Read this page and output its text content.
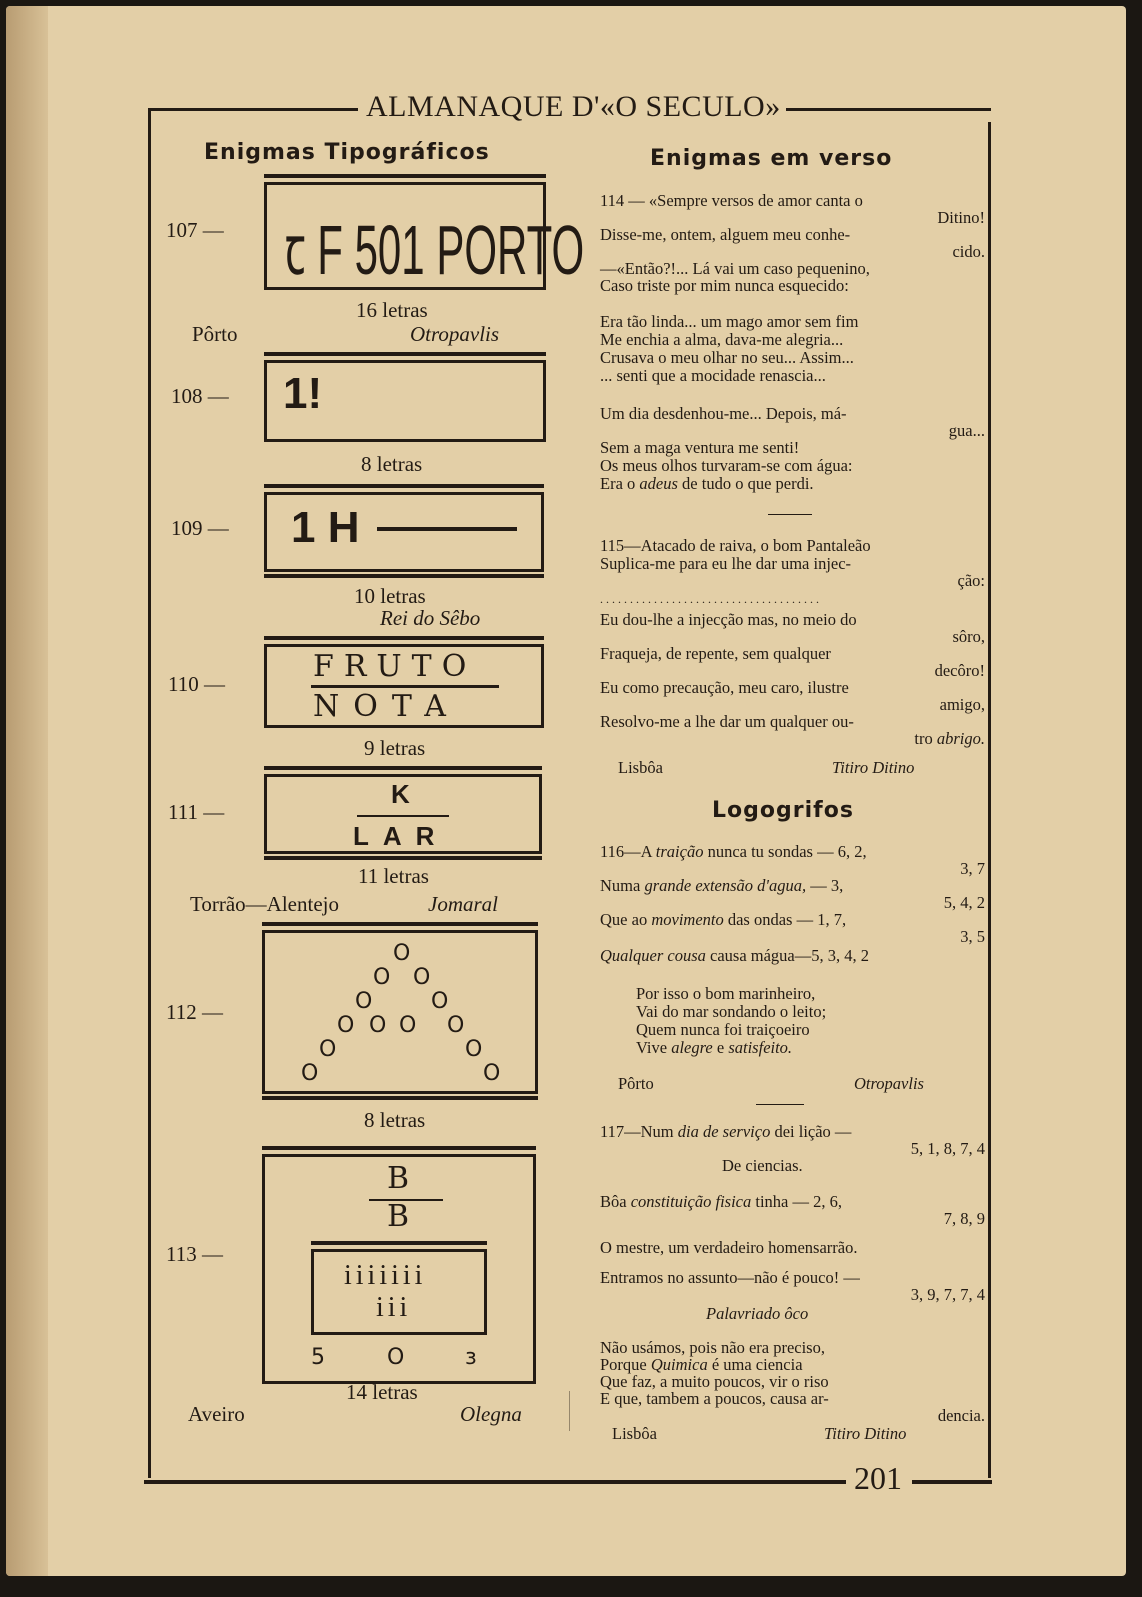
ALMANAQUE D'«O SECULO»
Enigmas Tipográficos
107 — ꞇ F 501 PORTO
16 letras
Pôrto	Otropavlis
108 — 1!
8 letras
109 — 1 H
10 letras
Rei do Sêbo
110 —	FRUTO
NOTA
9 letras
111 —
K
LAR
11 letras
Torrão—Alentejo	Jomaral
112 —
O
O O
O	O
O O O O
O	O
O	O
8 letras
113 —
B
B
iiiiiii
iii
5	O	ɜ
14 letras
Aveiro	Olegna
Enigmas em verso
114 — «Sempre versos de amor canta o
Ditino!
Disse-me, ontem, alguem meu conhe-
cido.
—«Então?!... Lá vai um caso pequenino,
Caso triste por mim nunca esquecido:
Era tão linda... um mago amor sem fim
Me enchia a alma, dava-me alegria...
Crusava o meu olhar no seu... Assim...
... senti que a mocidade renascia...
Um dia desdenhou-me... Depois, má-
gua...
Sem a maga ventura me senti!
Os meus olhos turvaram-se com água:
Era o adeus de tudo o que perdi.
115—Atacado de raiva, o bom Pantaleão
Suplica-me para eu lhe dar uma injec-
ção:
. . . . . . . . . . . . . . . . . . . . . . . . . . . . . . . . . . . . .
Eu dou-lhe a injecção mas, no meio do
sôro,
Fraqueja, de repente, sem qualquer
decôro!
Eu como precaução, meu caro, ilustre
amigo,
Resolvo-me a lhe dar um qualquer ou-
tro abrigo.
Lisbôa	Titiro Ditino
Logogrifos
116—A traição nunca tu sondas — 6, 2,
3, 7
Numa grande extensão d'agua, — 3,
5, 4, 2
Que ao movimento das ondas — 1, 7,
3, 5
Qualquer cousa causa mágua—5, 3, 4, 2
Por isso o bom marinheiro,
Vai do mar sondando o leito;
Quem nunca foi traiçoeiro
Vive alegre e satisfeito.
Pôrto	Otropavlis
117—Num dia de serviço dei lição —
5, 1, 8, 7, 4
De ciencias.
Bôa constituição fisica tinha — 2, 6,
7, 8, 9
O mestre, um verdadeiro homensarrão.
Entramos no assunto—não é pouco! —
3, 9, 7, 7, 4
Palavriado ôco
Não usámos, pois não era preciso,
Porque Quimica é uma ciencia
Que faz, a muito poucos, vir o riso
E que, tambem a poucos, causa ar-
dencia.
Lisbôa	Titiro Ditino
201
